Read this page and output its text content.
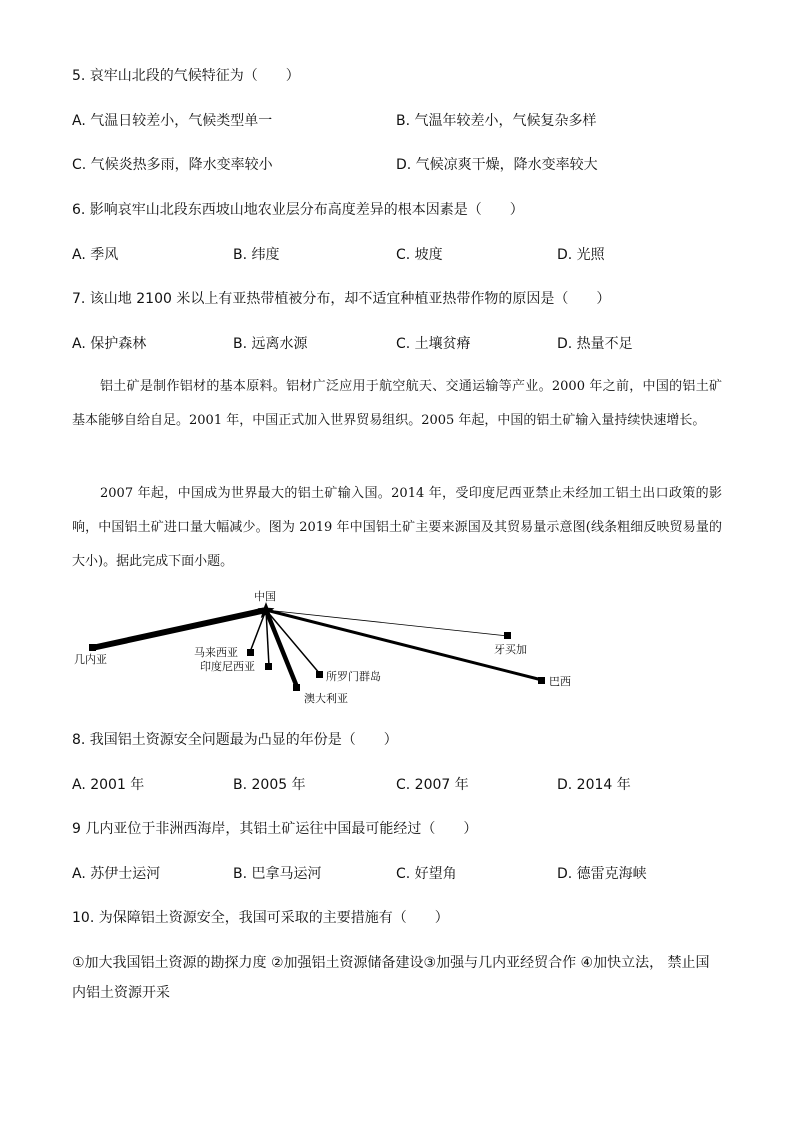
5. 哀牢山北段的气候特征为（　　）
A. 气温日较差小，气候类型单一	B. 气温年较差小，气候复杂多样
C. 气候炎热多雨，降水变率较小	D. 气候凉爽干燥，降水变率较大
6. 影响哀牢山北段东西坡山地农业层分布高度差异的根本因素是（　　）
A. 季风	B. 纬度	C. 坡度	D. 光照
7. 该山地 2100 米以上有亚热带植被分布，却不适宜种植亚热带作物的原因是（　　）
A. 保护森林	B. 远离水源	C. 土壤贫瘠	D. 热量不足
铝土矿是制作铝材的基本原料。铝材广泛应用于航空航天、交通运输等产业。2000 年之前，中国的铝土矿基本能够自给自足。2001 年，中国正式加入世界贸易组织。2005 年起，中国的铝土矿输入量持续快速增长。
2007 年起，中国成为世界最大的铝土矿输入国。2014 年，受印度尼西亚禁止未经加工铝土出口政策的影响，中国铝土矿进口量大幅减少。图为 2019 年中国铝土矿主要来源国及其贸易量示意图(线条粗细反映贸易量的大小)。据此完成下面小题。
中国
几内亚
马来西亚
印度尼西亚
澳大利亚
所罗门群岛	巴西
牙买加
8. 我国铝土资源安全问题最为凸显的年份是（　　）
A. 2001 年	B. 2005 年	C. 2007 年	D. 2014 年
9 几内亚位于非洲西海岸，其铝土矿运往中国最可能经过（　　）
A. 苏伊士运河	B. 巴拿马运河	C. 好望角	D. 德雷克海峡
10. 为保障铝土资源安全，我国可采取的主要措施有（　　）
①加大我国铝土资源的勘探力度 ②加强铝土资源储备建设③加强与几内亚经贸合作 ④加快立法， 禁止国内铝土资源开采
